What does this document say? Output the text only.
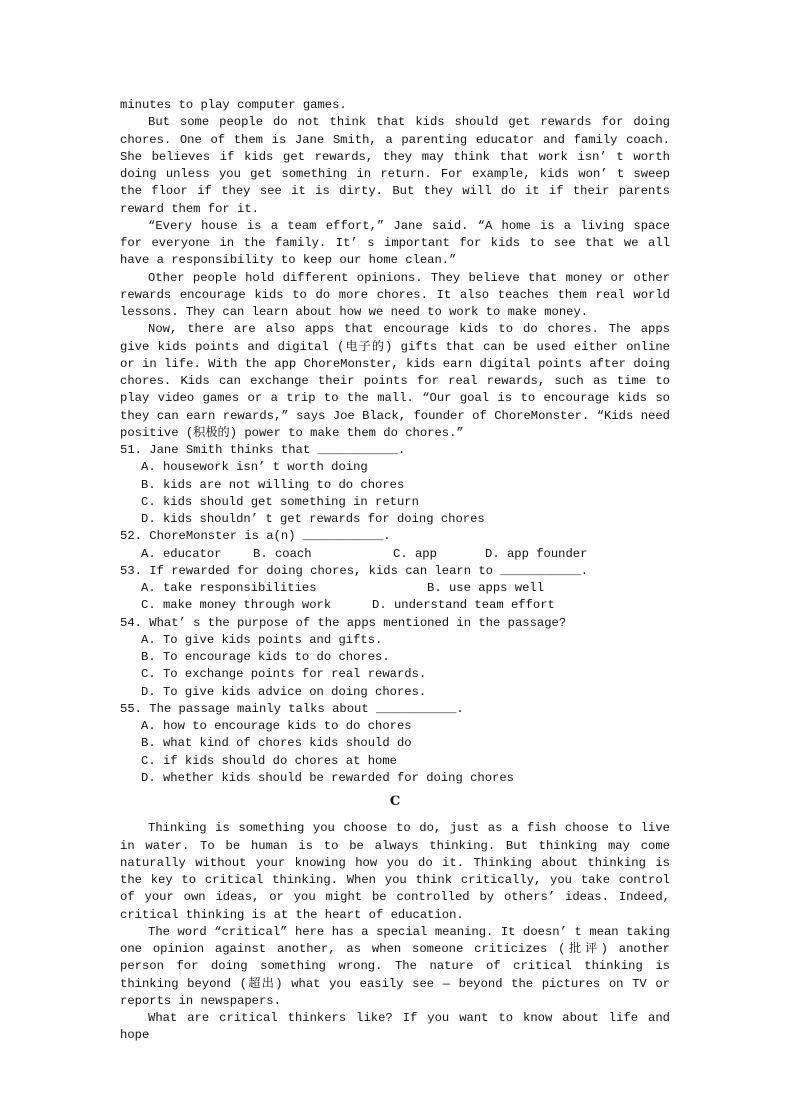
minutes to play computer games.

But some people do not think that kids should get rewards for doing chores. One of them is Jane Smith, a parenting educator and family coach. She believes if kids get rewards, they may think that work isn’ t worth doing unless you get something in return. For example, kids won’ t sweep the floor if they see it is dirty. But they will do it if their parents reward them for it.

“Every house is a team effort,” Jane said. “A home is a living space for everyone in the family. It’ s important for kids to see that we all have a responsibility to keep our home clean.”

Other people hold different opinions. They believe that money or other rewards encourage kids to do more chores. It also teaches them real world lessons. They can learn about how we need to work to make money.

Now, there are also apps that encourage kids to do chores. The apps give kids points and digital (电子的) gifts that can be used either online or in life. With the app ChoreMonster, kids earn digital points after doing chores. Kids can exchange their points for real rewards, such as time to play video games or a trip to the mall. “Our goal is to encourage kids so they can earn rewards,” says Joe Black, founder of ChoreMonster. “Kids need positive (积极的) power to make them do chores.”

51. Jane Smith thinks that ___________.

A. housework isn’ t worth doing

B. kids are not willing to do chores

C. kids should get something in return

D. kids shouldn’ t get rewards for doing chores

52. ChoreMonster is a(n) ___________.

A. educator	B. coach	C. app	D. app founder

53. If rewarded for doing chores, kids can learn to ___________.

A. take responsibilities	B. use apps well
C. make money through work	D. understand team effort

54. What’ s the purpose of the apps mentioned in the passage?

A. To give kids points and gifts.

B. To encourage kids to do chores.

C. To exchange points for real rewards.

D. To give kids advice on doing chores.

55. The passage mainly talks about ___________.

A. how to encourage kids to do chores

B. what kind of chores kids should do

C. if kids should do chores at home

D. whether kids should be rewarded for doing chores

C

Thinking is something you choose to do, just as a fish choose to live in water. To be human is to be always thinking. But thinking may come naturally without your knowing how you do it. Thinking about thinking is the key to critical thinking. When you think critically, you take control of your own ideas, or you might be controlled by others’ ideas. Indeed, critical thinking is at the heart of education.

The word “critical” here has a special meaning. It doesn’ t mean taking one opinion against another, as when someone criticizes (批评) another person for doing something wrong. The nature of critical thinking is thinking beyond (超出) what you easily see — beyond the pictures on TV or reports in newspapers.

What are critical thinkers like? If you want to know about life and hope
